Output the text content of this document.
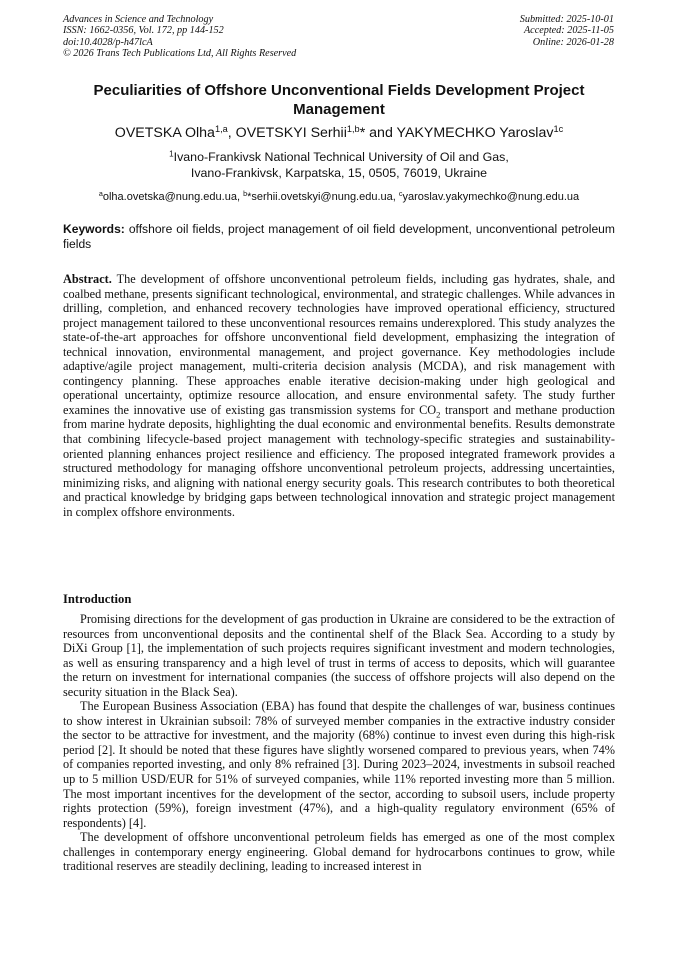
Advances in Science and Technology
ISSN: 1662-0356, Vol. 172, pp 144-152
doi:10.4028/p-h47lcA
© 2026 Trans Tech Publications Ltd, All Rights Reserved
Submitted: 2025-10-01
Accepted: 2025-11-05
Online: 2026-01-28
Peculiarities of Offshore Unconventional Fields Development Project Management
OVETSKA Olha$^{1,a}$, OVETSKYI Serhii$^{1,b}$* and YAKYMECHKO Yaroslav$^{1c}$
$^1$Ivano-Frankivsk National Technical University of Oil and Gas,
Ivano-Frankivsk, Karpatska, 15, 0505, 76019, Ukraine
$^a$olha.ovetska@nung.edu.ua, $^b$*serhii.ovetskyi@nung.edu.ua, $^c$yaroslav.yakymechko@nung.edu.ua
Keywords: offshore oil fields, project management of oil field development, unconventional petroleum fields
Abstract. The development of offshore unconventional petroleum fields, including gas hydrates, shale, and coalbed methane, presents significant technological, environmental, and strategic challenges. While advances in drilling, completion, and enhanced recovery technologies have improved operational efficiency, structured project management tailored to these unconventional resources remains underexplored. This study analyzes the state-of-the-art approaches for offshore unconventional field development, emphasizing the integration of technical innovation, environmental management, and project governance. Key methodologies include adaptive/agile project management, multi-criteria decision analysis (MCDA), and risk management with contingency planning. These approaches enable iterative decision-making under high geological and operational uncertainty, optimize resource allocation, and ensure environmental safety. The study further examines the innovative use of existing gas transmission systems for $CO_2$ transport and methane production from marine hydrate deposits, highlighting the dual economic and environmental benefits. Results demonstrate that combining lifecycle-based project management with technology-specific strategies and sustainability-oriented planning enhances project resilience and efficiency. The proposed integrated framework provides a structured methodology for managing offshore unconventional petroleum projects, addressing uncertainties, minimizing risks, and aligning with national energy security goals. This research contributes to both theoretical and practical knowledge by bridging gaps between technological innovation and strategic project management in complex offshore environments.
Introduction

Promising directions for the development of gas production in Ukraine are considered to be the extraction of resources from unconventional deposits and the continental shelf of the Black Sea. According to a study by DiXi Group [1], the implementation of such projects requires significant investment and modern technologies, as well as ensuring transparency and a high level of trust in terms of access to deposits, which will guarantee the return on investment for international companies (the success of offshore projects will also depend on the security situation in the Black Sea).

The European Business Association (EBA) has found that despite the challenges of war, business continues to show interest in Ukrainian subsoil: 78% of surveyed member companies in the extractive industry consider the sector to be attractive for investment, and the majority (68%) continue to invest even during this high-risk period [2]. It should be noted that these figures have slightly worsened compared to previous years, when 74% of companies reported investing, and only 8% refrained [3]. During 2023–2024, investments in subsoil reached up to 5 million USD/EUR for 51% of surveyed companies, while 11% reported investing more than 5 million. The most important incentives for the development of the sector, according to subsoil users, include property rights protection (59%), foreign investment (47%), and a high-quality regulatory environment (65% of respondents) [4].

The development of offshore unconventional petroleum fields has emerged as one of the most complex challenges in contemporary energy engineering. Global demand for hydrocarbons continues to grow, while traditional reserves are steadily declining, leading to increased interest in
